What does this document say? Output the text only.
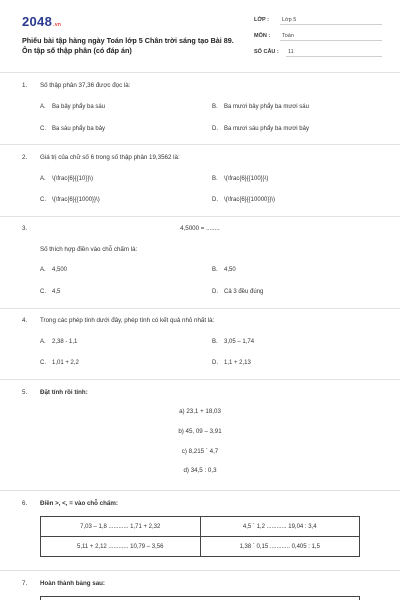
2048.vn
Phiếu bài tập hàng ngày Toán lớp 5 Chân trời sáng tạo Bài 89. Ôn tập số thập phân (có đáp án)
LỚP : Lớp 5
MÔN : Toán
SỐ CÂU : 11
1. Số thập phân 37,36 được đọc là:
A. Ba bảy phẩy ba sáu	B. Ba mươi bảy phẩy ba mươi sáu
C. Ba sáu phẩy ba bảy	D. Ba mươi sáu phẩy ba mươi bảy
2. Giá trị của chữ số 6 trong số thập phân 19,3562 là:
A. \(\frac{6}{{10}}\)	B. \(\frac{6}{{100}}\)
C. \(\frac{6}{{1000}}\)	D. \(\frac{6}{{10000}}\)
3.	4,5000 = ........
Số thích hợp điền vào chỗ chấm là:
A. 4,500	B. 4,50
C. 4,5	D. Cả 3 đều đúng
4. Trong các phép tính dưới đây, phép tính có kết quả nhỏ nhất là:
A. 2,38 - 1,1	B. 3,05 – 1,74
C. 1,01 + 2,2	D. 1,1 + 2,13
5. Đặt tính rồi tính:
a) 23,1 + 18,03
b) 45, 09 – 3,91
c) 8,215 ´ 4,7
d) 34,5 : 0,3
6. Điền >, <, = vào chỗ chấm:
7,03 – 1,8 ............ 1,71 + 2,32	4,5 ´ 1,2 ............ 19,04 : 3,4
5,11 + 2,12 ............ 10,79 – 3,56	1,38 ´ 0,15 ............ 0,405 : 1,5
7. Hoàn thành bảng sau:
